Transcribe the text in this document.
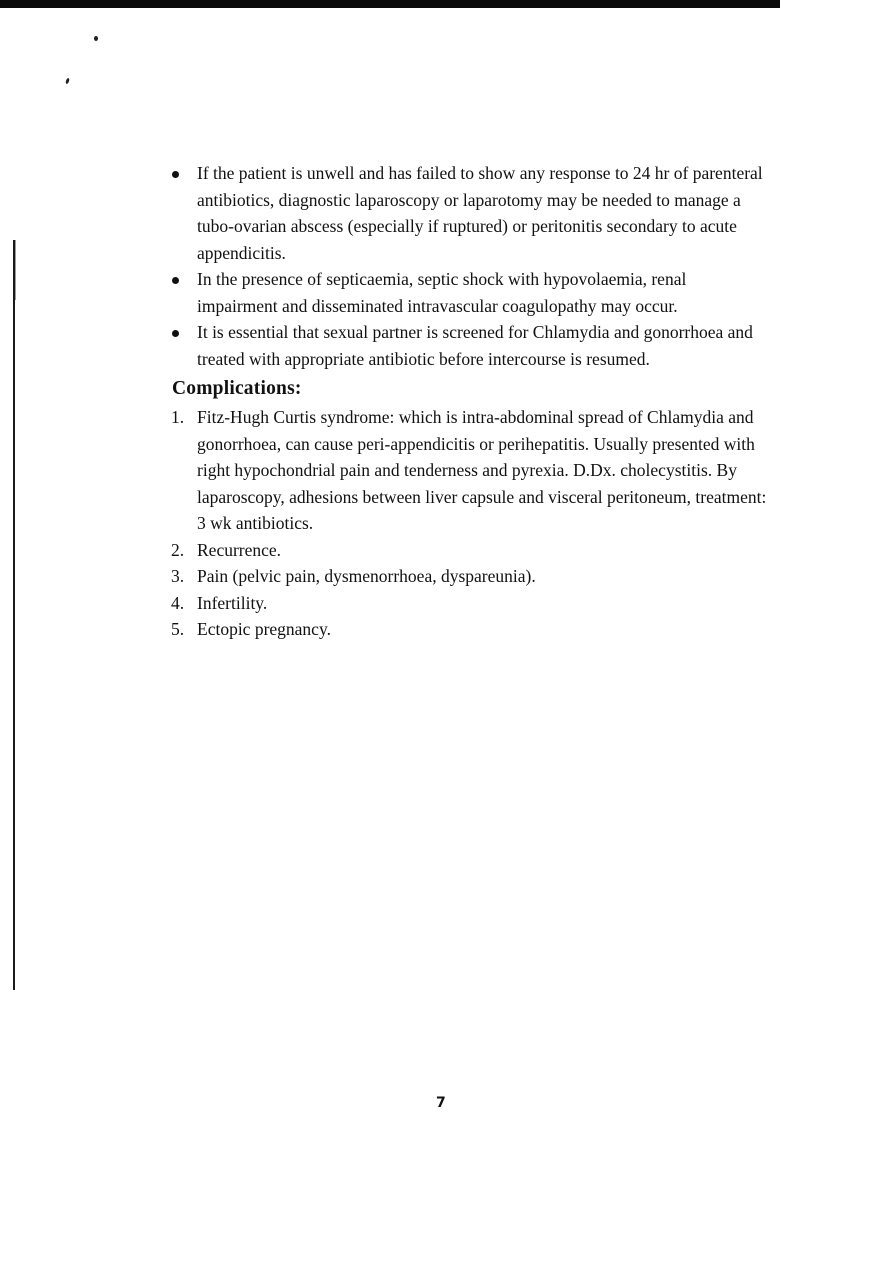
If the patient is unwell and has failed to show any response to 24 hr of parenteral antibiotics, diagnostic laparoscopy or laparotomy may be needed to manage a tubo-ovarian abscess (especially if ruptured) or peritonitis secondary to acute appendicitis.
In the presence of septicaemia, septic shock with hypovolaemia, renal impairment and disseminated intravascular coagulopathy may occur.
It is essential that sexual partner is screened for Chlamydia and gonorrhoea and treated with appropriate antibiotic before intercourse is resumed.
Complications:
1. Fitz-Hugh Curtis syndrome: which is intra-abdominal spread of Chlamydia and gonorrhoea, can cause peri-appendicitis or perihepatitis. Usually presented with right hypochondrial pain and tenderness and pyrexia. D.Dx. cholecystitis. By laparoscopy, adhesions between liver capsule and visceral peritoneum, treatment: 3 wk antibiotics.
2. Recurrence.
3. Pain (pelvic pain, dysmenorrhoea, dyspareunia).
4. Infertility.
5. Ectopic pregnancy.
7
